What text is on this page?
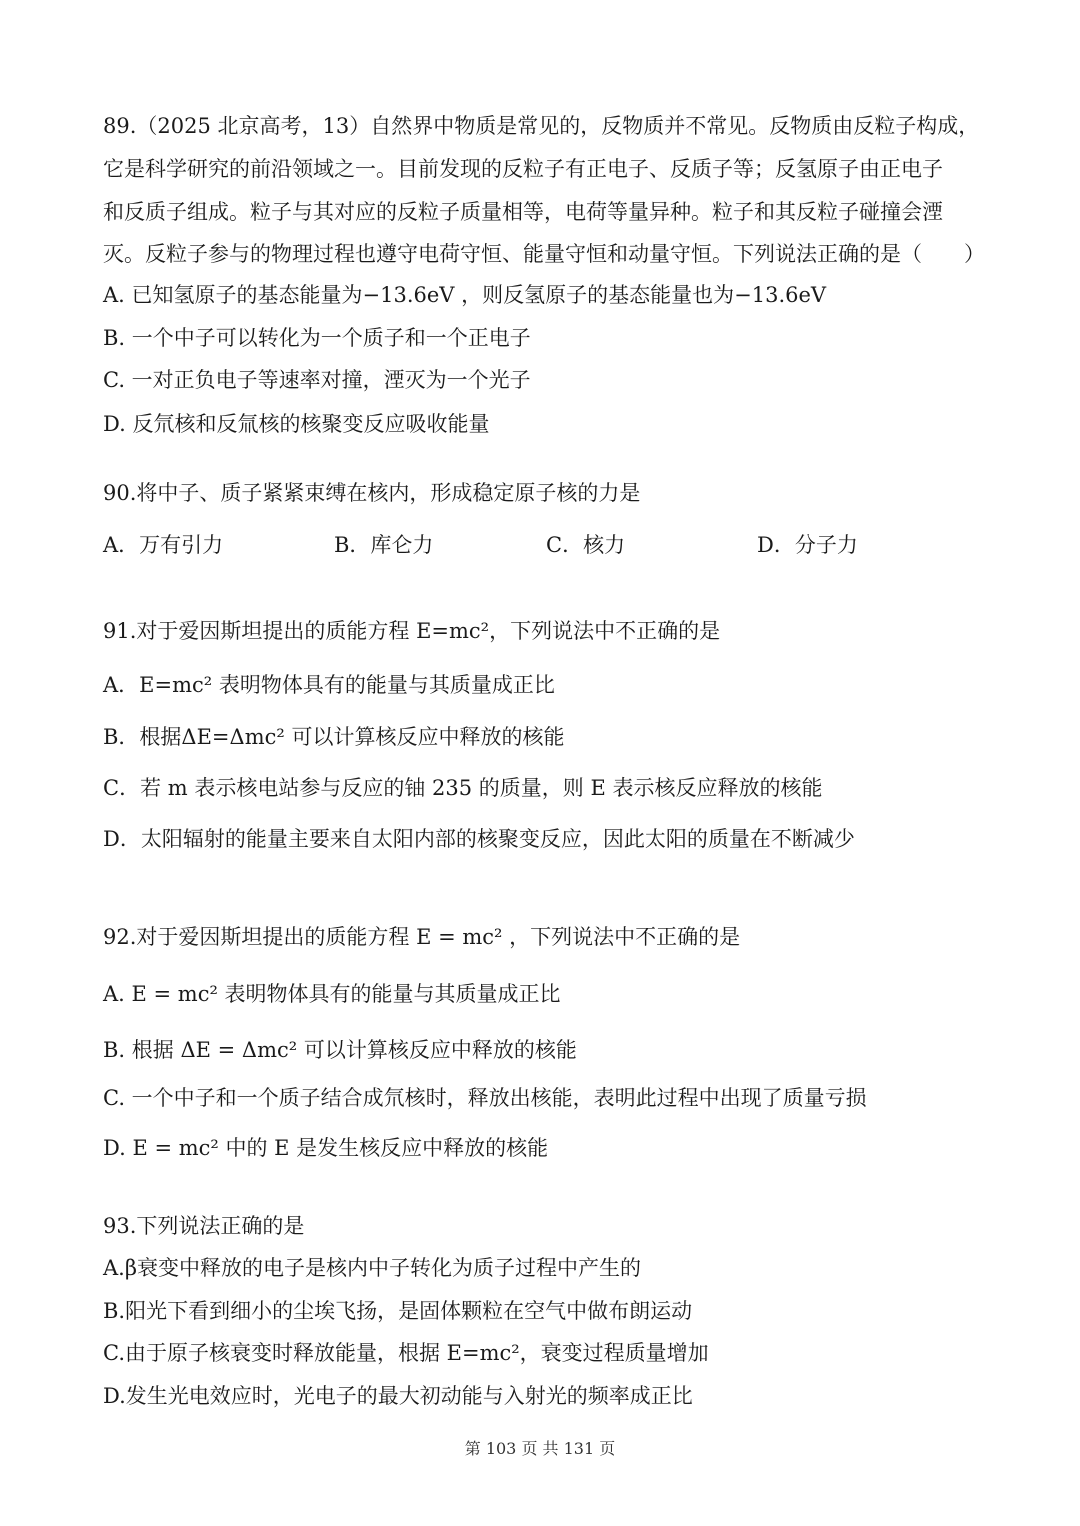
89.（2025 北京高考，13）自然界中物质是常见的，反物质并不常见。反物质由反粒子构成，
它是科学研究的前沿领域之一。目前发现的反粒子有正电子、反质子等；反氢原子由正电子
和反质子组成。粒子与其对应的反粒子质量相等，电荷等量异种。粒子和其反粒子碰撞会湮
灭。反粒子参与的物理过程也遵守电荷守恒、能量守恒和动量守恒。下列说法正确的是（　　）
A. 已知氢原子的基态能量为−13.6eV ，则反氢原子的基态能量也为−13.6eV
B. 一个中子可以转化为一个质子和一个正电子
C. 一对正负电子等速率对撞，湮灭为一个光子
D. 反氘核和反氚核的核聚变反应吸收能量
90.将中子、质子紧紧束缚在核内，形成稳定原子核的力是
A．万有引力	B．库仑力	C．核力	D．分子力
91.对于爱因斯坦提出的质能方程 E=mc²，下列说法中不正确的是
A．E=mc² 表明物体具有的能量与其质量成正比
B．根据ΔE=Δmc² 可以计算核反应中释放的核能
C．若 m 表示核电站参与反应的铀 235 的质量，则 E 表示核反应释放的核能
D．太阳辐射的能量主要来自太阳内部的核聚变反应，因此太阳的质量在不断减少
92.对于爱因斯坦提出的质能方程 E = mc² ，下列说法中不正确的是
A. E = mc² 表明物体具有的能量与其质量成正比
B. 根据 ΔE = Δmc² 可以计算核反应中释放的核能
C. 一个中子和一个质子结合成氘核时，释放出核能，表明此过程中出现了质量亏损
D. E = mc² 中的 E 是发生核反应中释放的核能
93.下列说法正确的是
A.β衰变中释放的电子是核内中子转化为质子过程中产生的
B.阳光下看到细小的尘埃飞扬，是固体颗粒在空气中做布朗运动
C.由于原子核衰变时释放能量，根据 E=mc²，衰变过程质量增加
D.发生光电效应时，光电子的最大初动能与入射光的频率成正比
第 103 页 共 131 页
